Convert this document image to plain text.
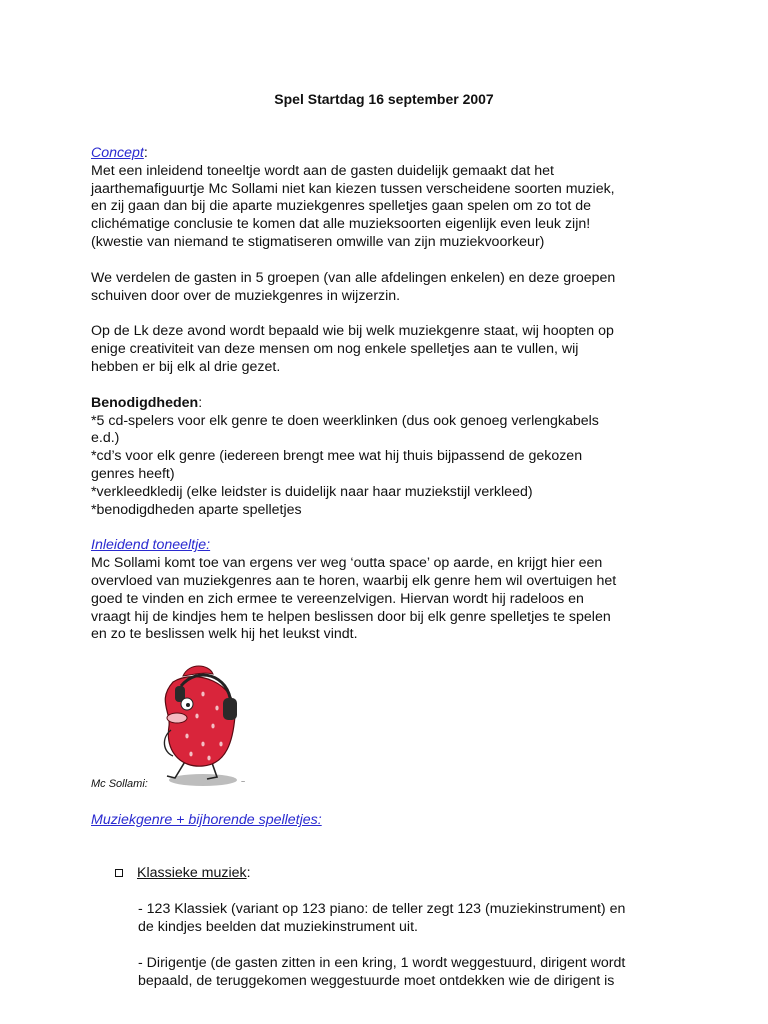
Spel Startdag 16 september 2007

Concept:

Met een inleidend toneeltje wordt aan de gasten duidelijk gemaakt dat het

jaarthemafiguurtje Mc Sollami niet kan kiezen tussen verscheidene soorten muziek,

en zij gaan dan bij die aparte muziekgenres spelletjes gaan spelen om zo tot de

clichématige conclusie te komen dat alle muzieksoorten eigenlijk even leuk zijn!

(kwestie van niemand te stigmatiseren omwille van zijn muziekvoorkeur)

We verdelen de gasten in 5 groepen (van alle afdelingen enkelen) en deze groepen

schuiven door over de muziekgenres in wijzerzin.

Op de Lk deze avond wordt bepaald wie bij welk muziekgenre staat, wij hoopten op

enige creativiteit van deze mensen om nog enkele spelletjes aan te vullen, wij

hebben er bij elk al drie gezet.

Benodigdheden:

*5 cd-spelers voor elk genre te doen weerklinken (dus ook genoeg verlengkabels

e.d.)

*cd’s voor elk genre (iedereen brengt mee wat hij thuis bijpassend de gekozen

genres heeft)

*verkleedkledij (elke leidster is duidelijk naar haar muziekstijl verkleed)

*benodigdheden aparte spelletjes

Inleidend toneeltje:

Mc Sollami komt toe van ergens ver weg ‘outta space’ op aarde, en krijgt hier een

overvloed van muziekgenres aan te horen, waarbij elk genre hem wil overtuigen het

goed te vinden en zich ermee te vereenzelvigen. Hiervan wordt hij radeloos en

vraagt hij de kindjes hem te helpen beslissen door bij elk genre spelletjes te spelen

en zo te beslissen welk hij het leukst vindt.

~
Mc Sollami:
Muziekgenre + bijhorende spelletjes:
Klassieke muziek:
- 123 Klassiek (variant op 123 piano: de teller zegt 123 (muziekinstrument) en
de kindjes beelden dat muziekinstrument uit.
- Dirigentje (de gasten zitten in een kring, 1 wordt weggestuurd, dirigent wordt
bepaald, de teruggekomen weggestuurde moet ontdekken wie de dirigent is
